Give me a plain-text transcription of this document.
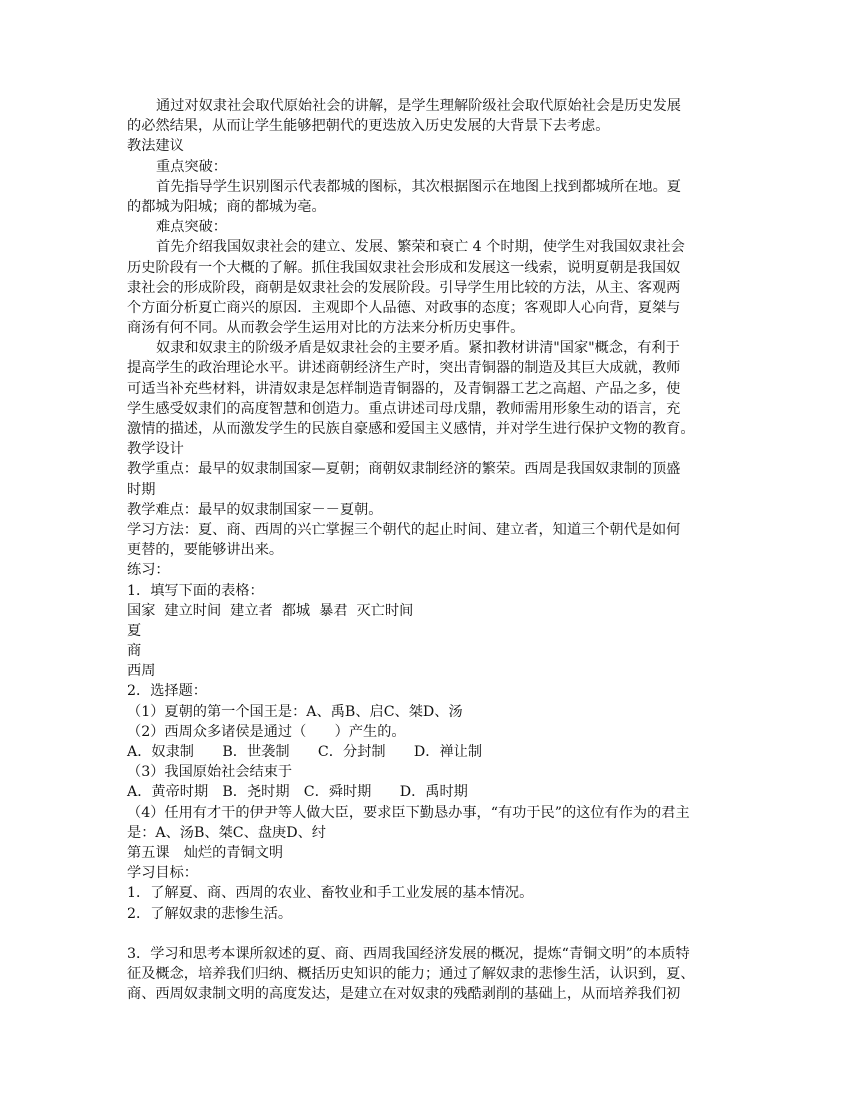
通过对奴隶社会取代原始社会的讲解，是学生理解阶级社会取代原始社会是历史发展
的必然结果，从而让学生能够把朝代的更迭放入历史发展的大背景下去考虑。
教法建议
重点突破：
首先指导学生识别图示代表都城的图标，其次根据图示在地图上找到都城所在地。夏
的都城为阳城；商的都城为亳。
难点突破：
首先介绍我国奴隶社会的建立、发展、繁荣和衰亡 4 个时期，使学生对我国奴隶社会
历史阶段有一个大概的了解。抓住我国奴隶社会形成和发展这一线索，说明夏朝是我国奴
隶社会的形成阶段，商朝是奴隶社会的发展阶段。引导学生用比较的方法，从主、客观两
个方面分析夏亡商兴的原因．主观即个人品德、对政事的态度；客观即人心向背，夏桀与
商汤有何不同。从而教会学生运用对比的方法来分析历史事件。
奴隶和奴隶主的阶级矛盾是奴隶社会的主要矛盾。紧扣教材讲清"国家"概念，有利于
提高学生的政治理论水平。讲述商朝经济生产时，突出青铜器的制造及其巨大成就，教师
可适当补充些材料，讲清奴隶是怎样制造青铜器的，及青铜器工艺之高超、产品之多，使
学生感受奴隶们的高度智慧和创造力。重点讲述司母戊鼎，教师需用形象生动的语言，充
激情的描述，从而激发学生的民族自豪感和爱国主义感情，并对学生进行保护文物的教育。
教学设计
教学重点：最早的奴隶制国家—夏朝；商朝奴隶制经济的繁荣。西周是我国奴隶制的顶盛
时期
教学难点：最早的奴隶制国家－－夏朝。
学习方法：夏、商、西周的兴亡掌握三个朝代的起止时间、建立者，知道三个朝代是如何
更替的，要能够讲出来。
练习：
1．填写下面的表格：
国家  建立时间  建立者  都城  暴君  灭亡时间
夏
商
西周
2．选择题：
（1）夏朝的第一个国王是：A、禹B、启C、桀D、汤
（2）西周众多诸侯是通过（　　）产生的。
A．奴隶制　　B．世袭制　　C．分封制　　D．禅让制
（3）我国原始社会结束于
A．黄帝时期　B．尧时期　C．舜时期　　D．禹时期
（4）任用有才干的伊尹等人做大臣，要求臣下勤恳办事，“有功于民”的这位有作为的君主
是：A、汤B、桀C、盘庚D、纣
第五课　灿烂的青铜文明
学习目标：
1．了解夏、商、西周的农业、畜牧业和手工业发展的基本情况。
2．了解奴隶的悲惨生活。
3．学习和思考本课所叙述的夏、商、西周我国经济发展的概况，提炼“青铜文明”的本质特
征及概念，培养我们归纳、概括历史知识的能力；通过了解奴隶的悲惨生活，认识到，夏、
商、西周奴隶制文明的高度发达，是建立在对奴隶的残酷剥削的基础上，从而培养我们初
